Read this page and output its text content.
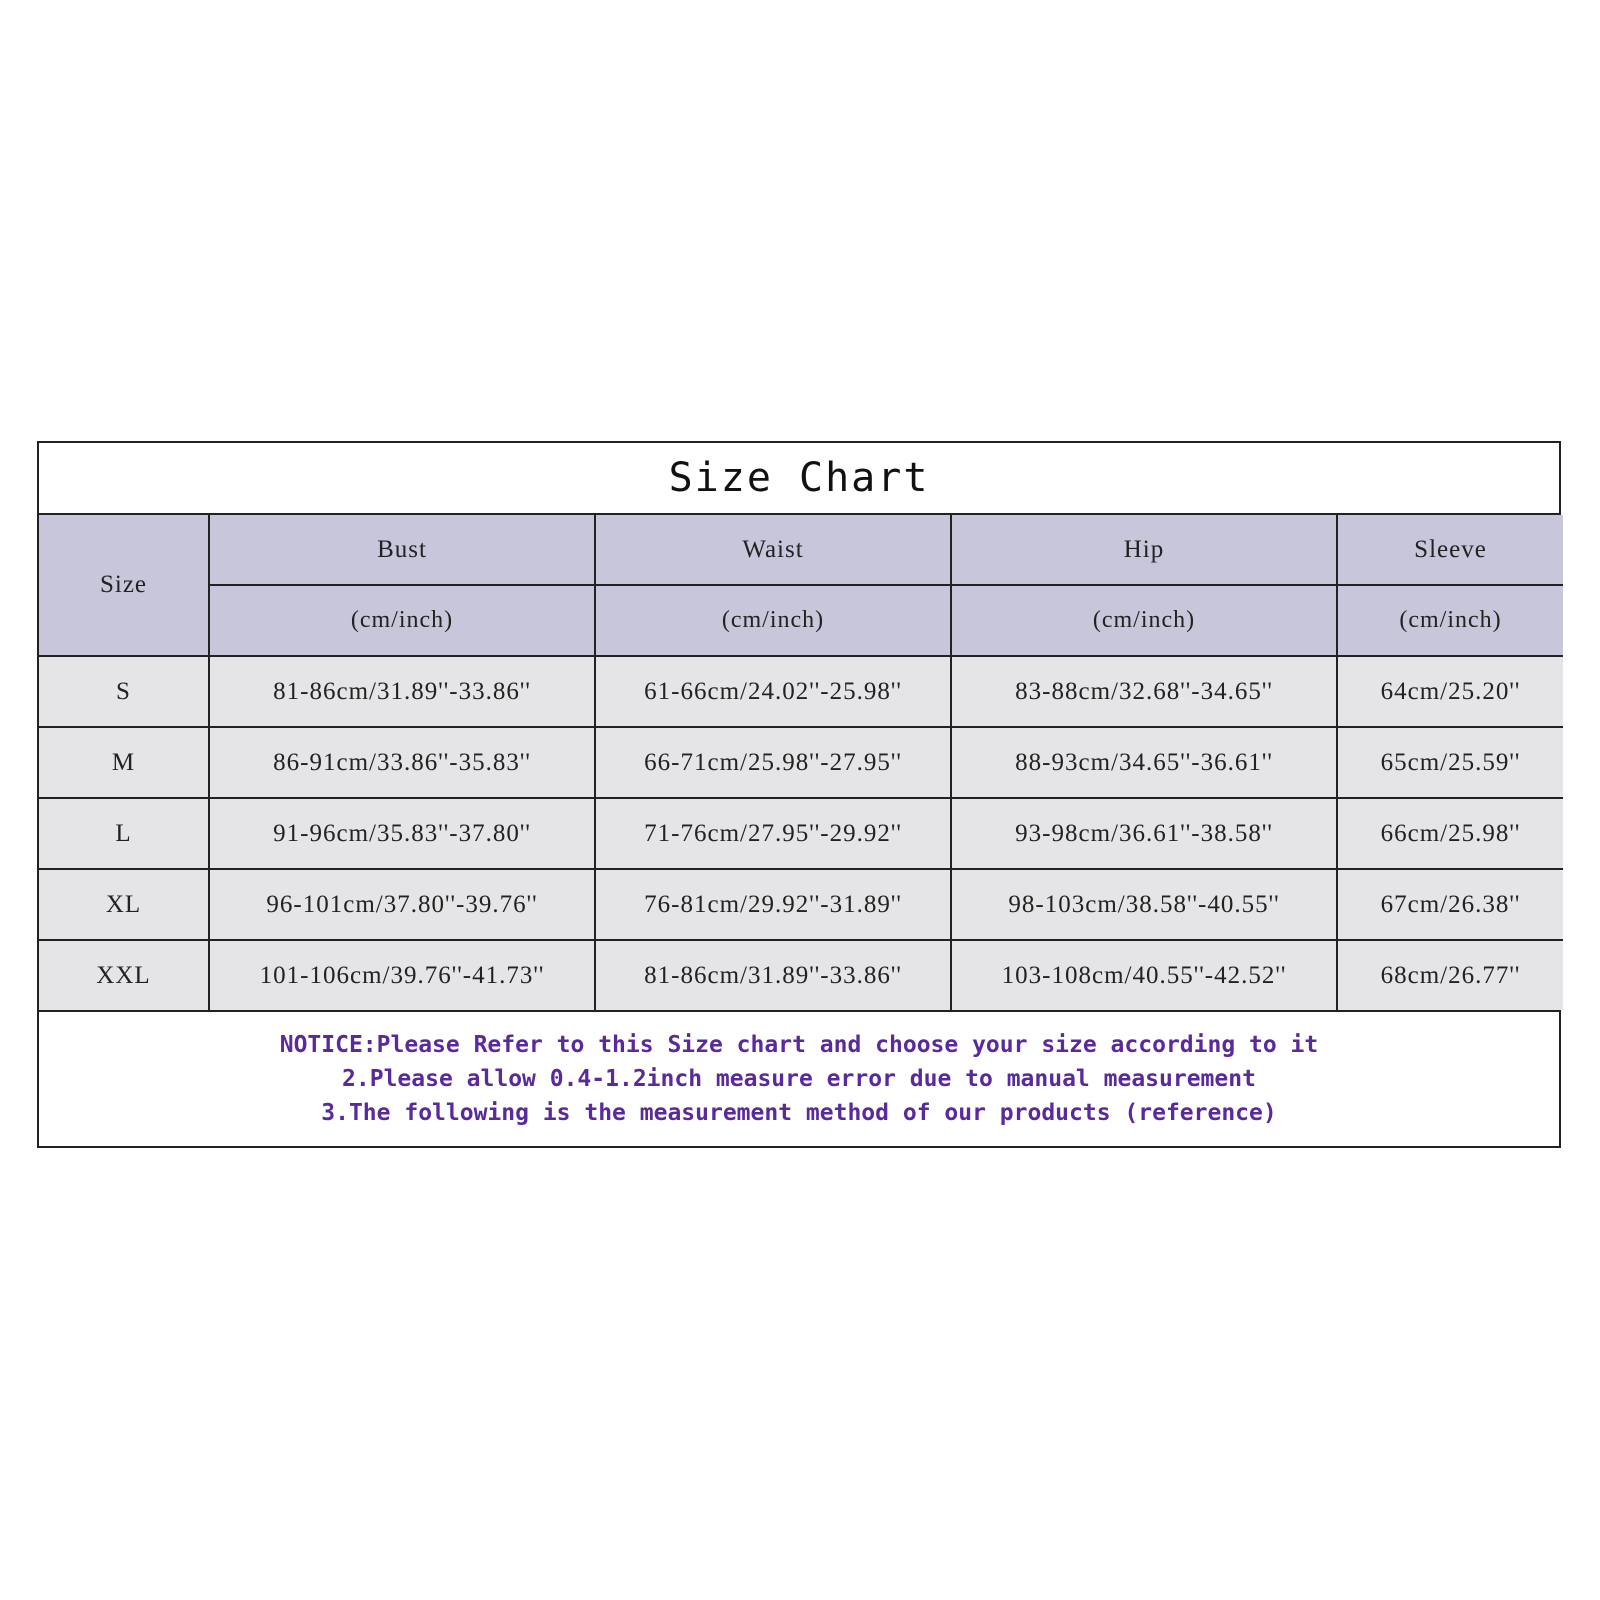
Size Chart
Size	Bust	Waist	Hip	Sleeve
	(cm/inch)	(cm/inch)	(cm/inch)	(cm/inch)
S	81-86cm/31.89''-33.86''	61-66cm/24.02''-25.98''	83-88cm/32.68''-34.65''	64cm/25.20''
M	86-91cm/33.86''-35.83''	66-71cm/25.98''-27.95''	88-93cm/34.65''-36.61''	65cm/25.59''
L	91-96cm/35.83''-37.80''	71-76cm/27.95''-29.92''	93-98cm/36.61''-38.58''	66cm/25.98''
XL	96-101cm/37.80''-39.76''	76-81cm/29.92''-31.89''	98-103cm/38.58''-40.55''	67cm/26.38''
XXL	101-106cm/39.76''-41.73''	81-86cm/31.89''-33.86''	103-108cm/40.55''-42.52''	68cm/26.77''
NOTICE:Please Refer to this Size chart and choose your size according to it
2.Please allow 0.4-1.2inch measure error due to manual measurement
3.The following is the measurement method of our products (reference)
